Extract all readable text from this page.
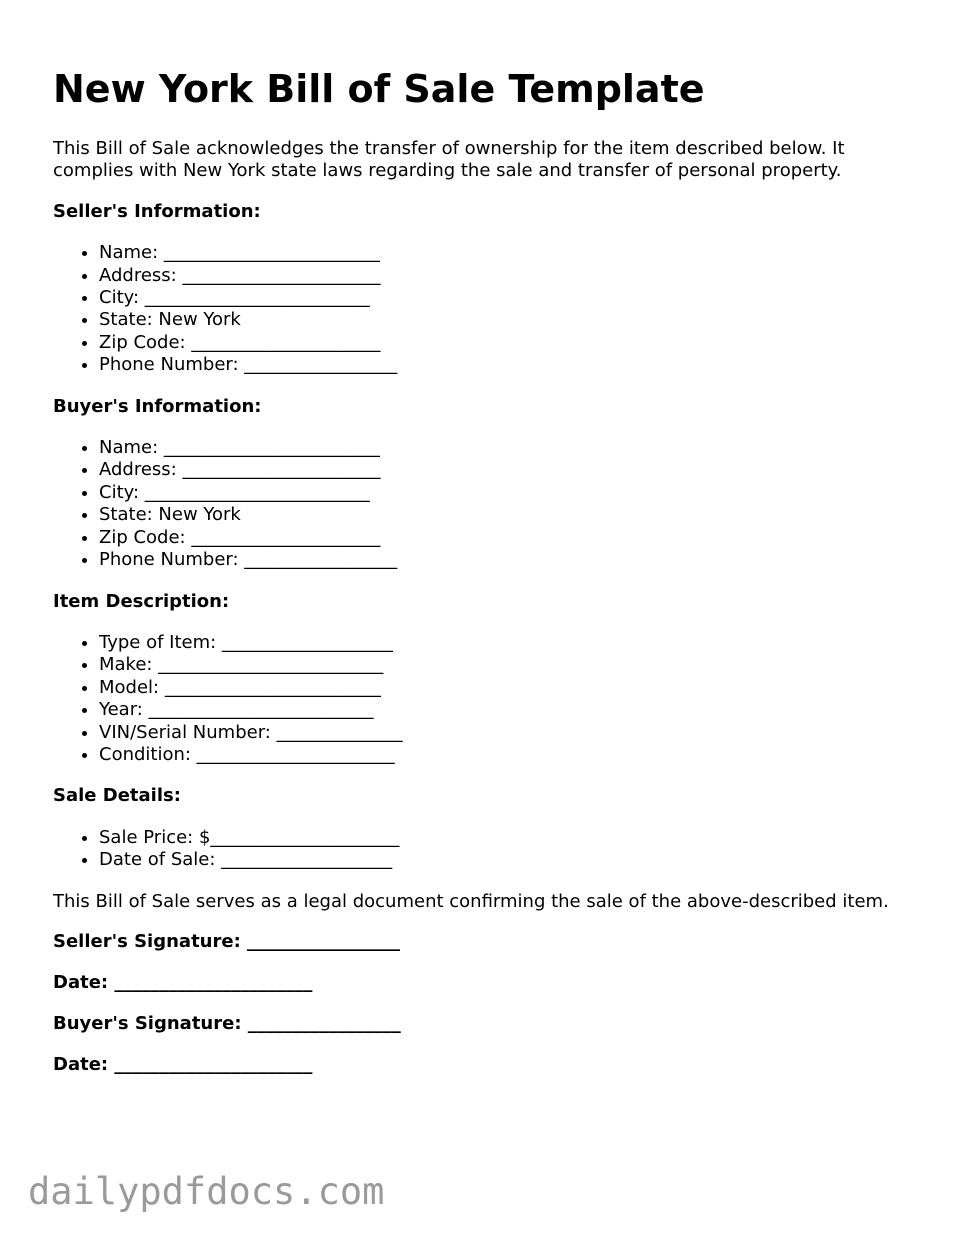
New York Bill of Sale Template

This Bill of Sale acknowledges the transfer of ownership for the item described below. It complies with New York state laws regarding the sale and transfer of personal property.

Seller's Information:
• Name: ________________________
• Address: ______________________
• City: _________________________
• State: New York
• Zip Code: _____________________
• Phone Number: _________________
Buyer's Information:
• Name: ________________________
• Address: ______________________
• City: _________________________
• State: New York
• Zip Code: _____________________
• Phone Number: _________________
Item Description:
• Type of Item: ___________________
• Make: _________________________
• Model: ________________________
• Year: _________________________
• VIN/Serial Number: ______________
• Condition: ______________________
Sale Details:
• Sale Price: $_____________________
• Date of Sale: ___________________

This Bill of Sale serves as a legal document confirming the sale of the above-described item.

Seller's Signature: _________________

Date: ______________________

Buyer's Signature: _________________

Date: ______________________

dailypdfdocs.com
